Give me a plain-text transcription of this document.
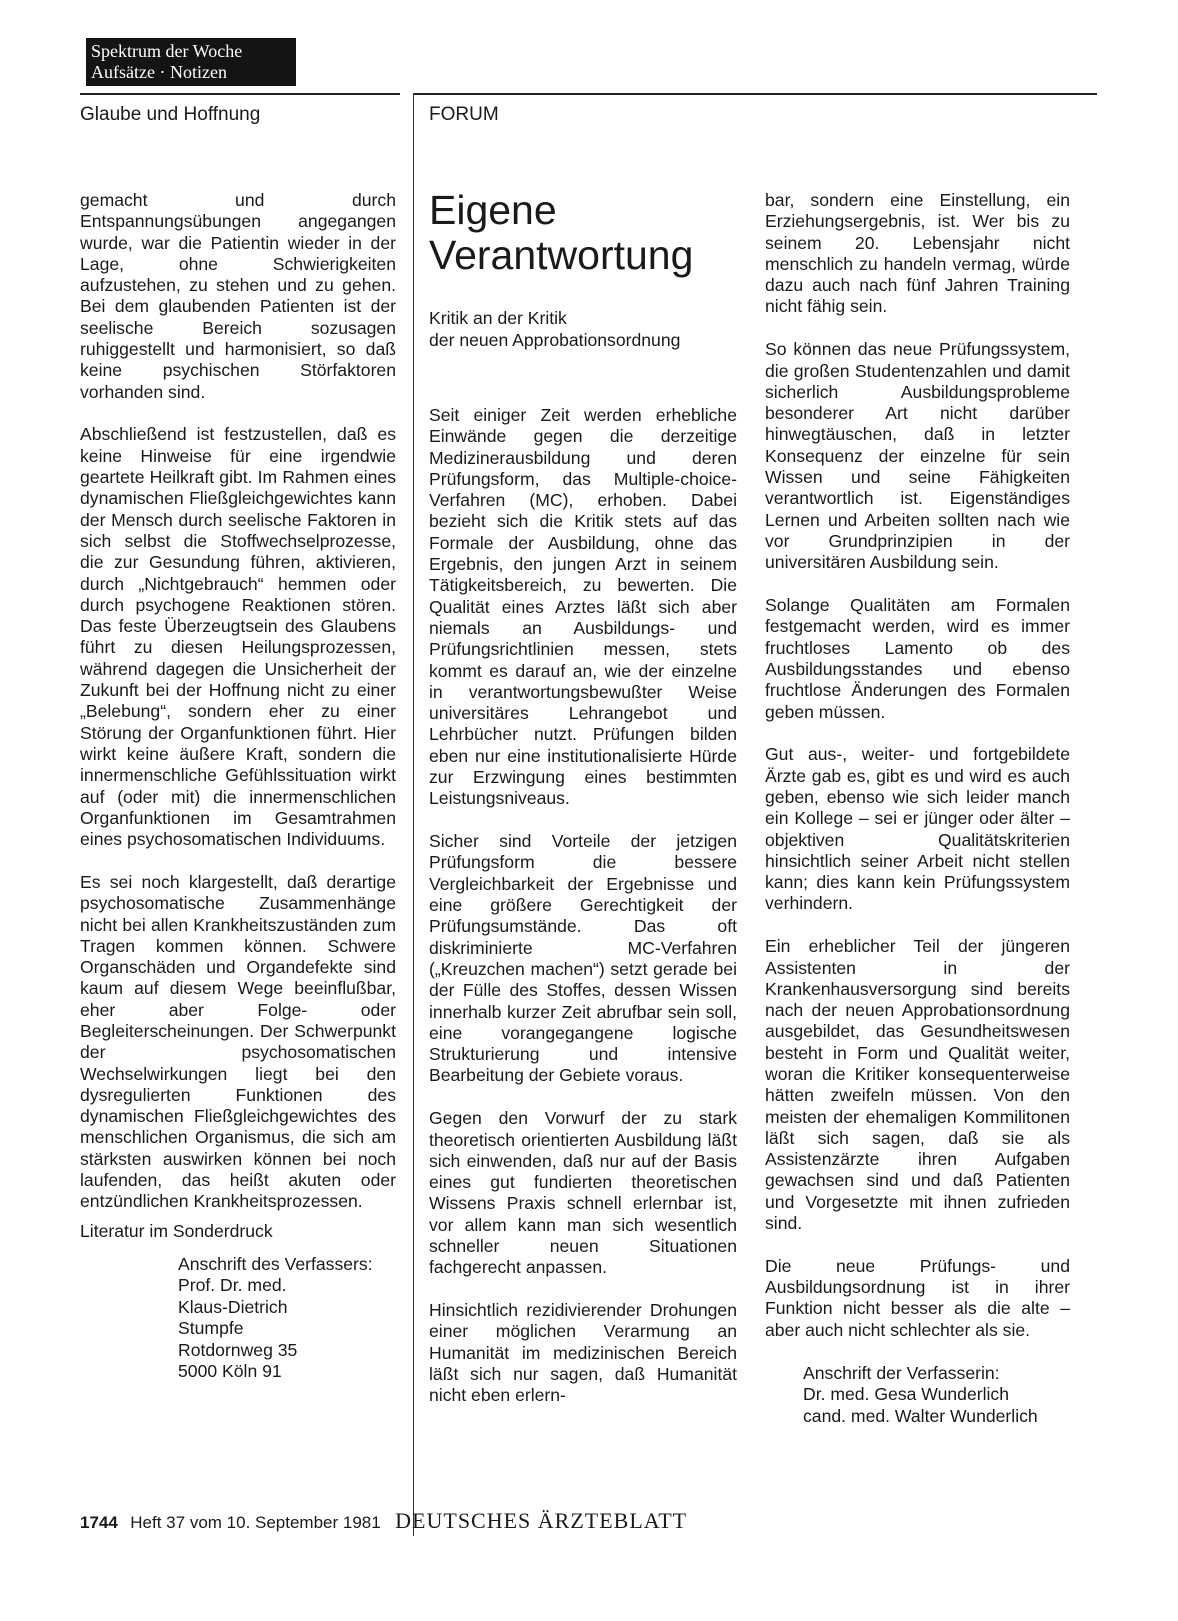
Spektrum der Woche
Aufsätze · Notizen
Glaube und Hoffnung	FORUM

gemacht und durch Entspannungsübungen angegangen wurde, war die Patientin wieder in der Lage, ohne Schwierigkeiten aufzustehen, zu stehen und zu gehen. Bei dem glaubenden Patienten ist der seelische Bereich sozusagen ruhiggestellt und harmonisiert, so daß keine psychischen Störfaktoren vorhanden sind.

Abschließend ist festzustellen, daß es keine Hinweise für eine irgendwie geartete Heilkraft gibt. Im Rahmen eines dynamischen Fließgleichgewichtes kann der Mensch durch seelische Faktoren in sich selbst die Stoffwechselprozesse, die zur Gesundung führen, aktivieren, durch „Nichtgebrauch“ hemmen oder durch psychogene Reaktionen stören. Das feste Überzeugtsein des Glaubens führt zu diesen Heilungsprozessen, während dagegen die Unsicherheit der Zukunft bei der Hoffnung nicht zu einer „Belebung“, sondern eher zu einer Störung der Organfunktionen führt. Hier wirkt keine äußere Kraft, sondern die innermenschliche Gefühlssituation wirkt auf (oder mit) die innermenschlichen Organfunktionen im Gesamtrahmen eines psychosomatischen Individuums.

Es sei noch klargestellt, daß derartige psychosomatische Zusammenhänge nicht bei allen Krankheitszuständen zum Tragen kommen können. Schwere Organschäden und Organdefekte sind kaum auf diesem Wege beeinflußbar, eher aber Folge- oder Begleiterscheinungen. Der Schwerpunkt der psychosomatischen Wechselwirkungen liegt bei den dysregulierten Funktionen des dynamischen Fließgleichgewichtes des menschlichen Organismus, die sich am stärksten auswirken können bei noch laufenden, das heißt akuten oder entzündlichen Krankheitsprozessen.

Literatur im Sonderdruck
Anschrift des Verfassers:
Prof. Dr. med.
Klaus-Dietrich
Stumpfe
Rotdornweg 35
5000 Köln 91
Eigene
Verantwortung
Kritik an der Kritik
der neuen Approbationsordnung

Seit einiger Zeit werden erhebliche Einwände gegen die derzeitige Medizinerausbildung und deren Prüfungsform, das Multiple-choice-Verfahren (MC), erhoben. Dabei bezieht sich die Kritik stets auf das Formale der Ausbildung, ohne das Ergebnis, den jungen Arzt in seinem Tätigkeitsbereich, zu bewerten. Die Qualität eines Arztes läßt sich aber niemals an Ausbildungs- und Prüfungsrichtlinien messen, stets kommt es darauf an, wie der einzelne in verantwortungsbewußter Weise universitäres Lehrangebot und Lehrbücher nutzt. Prüfungen bilden eben nur eine institutionalisierte Hürde zur Erzwingung eines bestimmten Leistungsniveaus.

Sicher sind Vorteile der jetzigen Prüfungsform die bessere Vergleichbarkeit der Ergebnisse und eine größere Gerechtigkeit der Prüfungsumstände. Das oft diskriminierte MC-Verfahren („Kreuzchen machen“) setzt gerade bei der Fülle des Stoffes, dessen Wissen innerhalb kurzer Zeit abrufbar sein soll, eine vorangegangene logische Strukturierung und intensive Bearbeitung der Gebiete voraus.

Gegen den Vorwurf der zu stark theoretisch orientierten Ausbildung läßt sich einwenden, daß nur auf der Basis eines gut fundierten theoretischen Wissens Praxis schnell erlernbar ist, vor allem kann man sich wesentlich schneller neuen Situationen fachgerecht anpassen.

Hinsichtlich rezidivierender Drohungen einer möglichen Verarmung an Humanität im medizinischen Bereich läßt sich nur sagen, daß Humanität nicht eben erlern-

bar, sondern eine Einstellung, ein Erziehungsergebnis, ist. Wer bis zu seinem 20. Lebensjahr nicht menschlich zu handeln vermag, würde dazu auch nach fünf Jahren Training nicht fähig sein.

So können das neue Prüfungssystem, die großen Studentenzahlen und damit sicherlich Ausbildungsprobleme besonderer Art nicht darüber hinwegtäuschen, daß in letzter Konsequenz der einzelne für sein Wissen und seine Fähigkeiten verantwortlich ist. Eigenständiges Lernen und Arbeiten sollten nach wie vor Grundprinzipien in der universitären Ausbildung sein.

Solange Qualitäten am Formalen festgemacht werden, wird es immer fruchtloses Lamento ob des Ausbildungsstandes und ebenso fruchtlose Änderungen des Formalen geben müssen.

Gut aus-, weiter- und fortgebildete Ärzte gab es, gibt es und wird es auch geben, ebenso wie sich leider manch ein Kollege – sei er jünger oder älter – objektiven Qualitätskriterien hinsichtlich seiner Arbeit nicht stellen kann; dies kann kein Prüfungssystem verhindern.

Ein erheblicher Teil der jüngeren Assistenten in der Krankenhausversorgung sind bereits nach der neuen Approbationsordnung ausgebildet, das Gesundheitswesen besteht in Form und Qualität weiter, woran die Kritiker konsequenterweise hätten zweifeln müssen. Von den meisten der ehemaligen Kommilitonen läßt sich sagen, daß sie als Assistenzärzte ihren Aufgaben gewachsen sind und daß Patienten und Vorgesetzte mit ihnen zufrieden sind.

Die neue Prüfungs- und Ausbildungsordnung ist in ihrer Funktion nicht besser als die alte – aber auch nicht schlechter als sie.

Anschrift der Verfasserin:
Dr. med. Gesa Wunderlich
cand. med. Walter Wunderlich
1744 Heft 37 vom 10. September 1981 DEUTSCHES ÄRZTEBLATT
